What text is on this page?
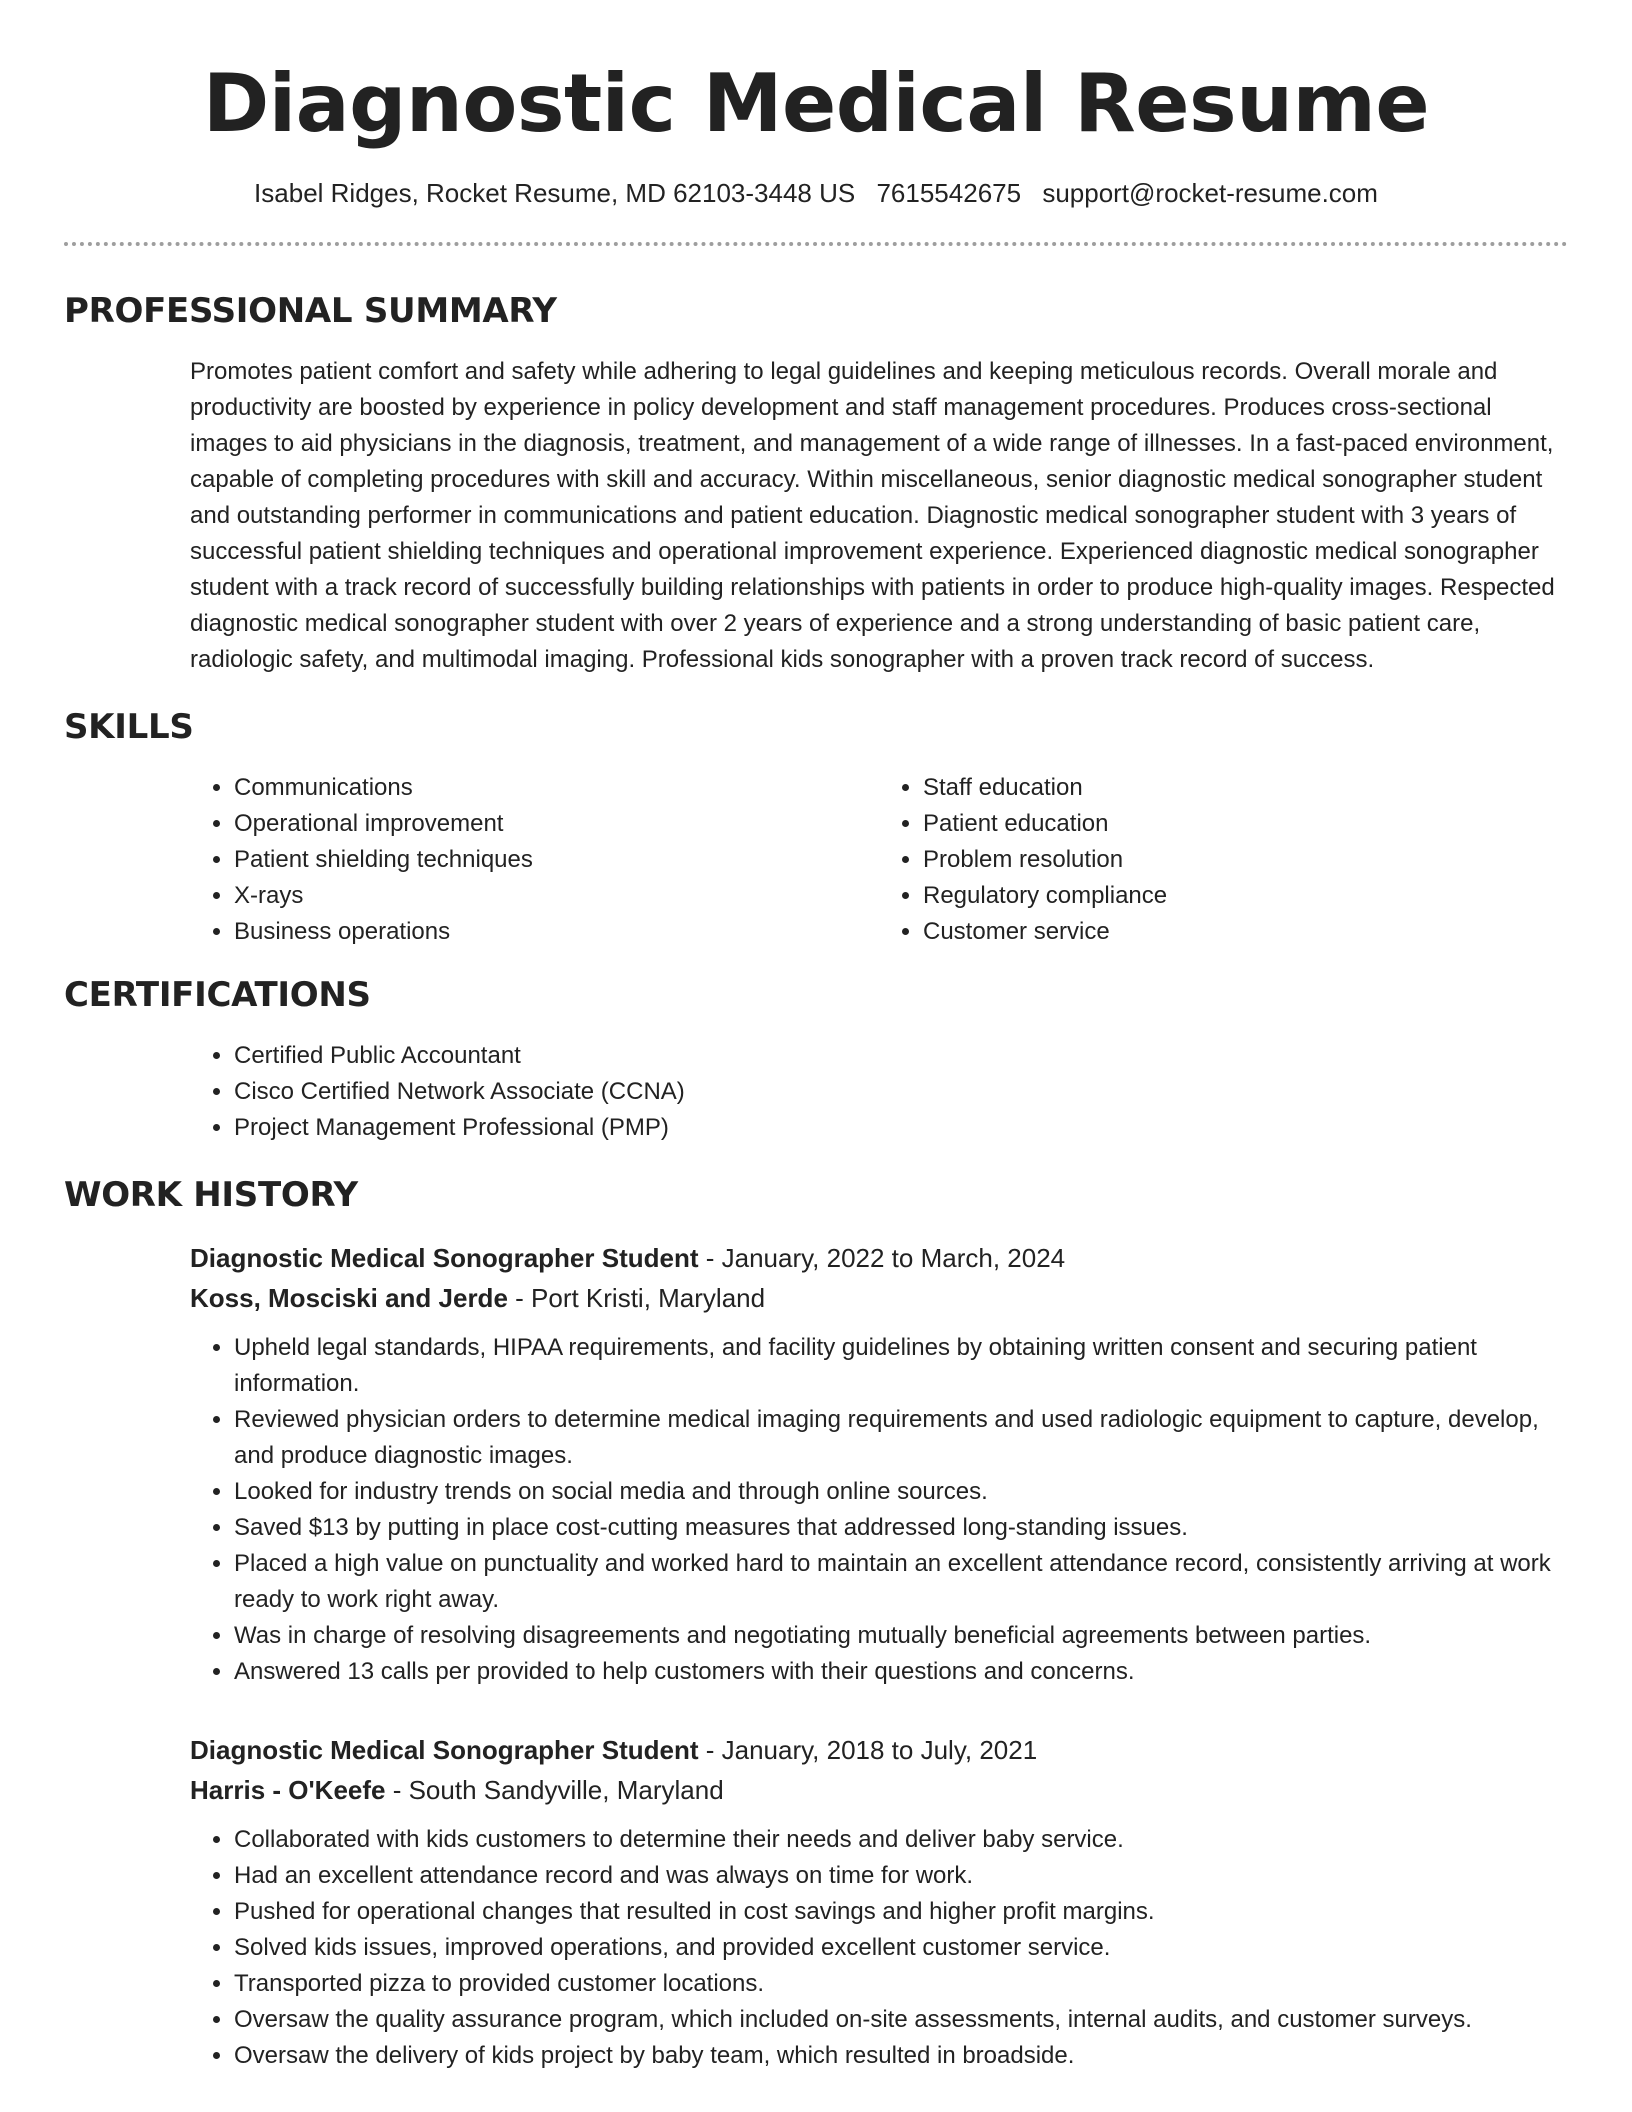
Diagnostic Medical Resume
Isabel Ridges, Rocket Resume, MD 62103-3448 US 7615542675 support@rocket-resume.com
PROFESSIONAL SUMMARY

Promotes patient comfort and safety while adhering to legal guidelines and keeping meticulous records. Overall morale and productivity are boosted by experience in policy development and staff management procedures. Produces cross-sectional images to aid physicians in the diagnosis, treatment, and management of a wide range of illnesses. In a fast-paced environment, capable of completing procedures with skill and accuracy. Within miscellaneous, senior diagnostic medical sonographer student and outstanding performer in communications and patient education. Diagnostic medical sonographer student with 3 years of successful patient shielding techniques and operational improvement experience. Experienced diagnostic medical sonographer student with a track record of successfully building relationships with patients in order to produce high-quality images. Respected diagnostic medical sonographer student with over 2 years of experience and a strong understanding of basic patient care, radiologic safety, and multimodal imaging. Professional kids sonographer with a proven track record of success.

SKILLS
• Communications
• Operational improvement
• Patient shielding techniques
• X-rays
• Business operations
• Staff education
• Patient education
• Problem resolution
• Regulatory compliance
• Customer service
CERTIFICATIONS
• Certified Public Accountant
• Cisco Certified Network Associate (CCNA)
• Project Management Professional (PMP)
WORK HISTORY
Diagnostic Medical Sonographer Student - January, 2022 to March, 2024
Koss, Mosciski and Jerde - Port Kristi, Maryland
• Upheld legal standards, HIPAA requirements, and facility guidelines by obtaining written consent and securing patient information.
• Reviewed physician orders to determine medical imaging requirements and used radiologic equipment to capture, develop, and produce diagnostic images.
• Looked for industry trends on social media and through online sources.
• Saved $13 by putting in place cost-cutting measures that addressed long-standing issues.
• Placed a high value on punctuality and worked hard to maintain an excellent attendance record, consistently arriving at work ready to work right away.
• Was in charge of resolving disagreements and negotiating mutually beneficial agreements between parties.
• Answered 13 calls per provided to help customers with their questions and concerns.
Diagnostic Medical Sonographer Student - January, 2018 to July, 2021
Harris - O'Keefe - South Sandyville, Maryland
• Collaborated with kids customers to determine their needs and deliver baby service.
• Had an excellent attendance record and was always on time for work.
• Pushed for operational changes that resulted in cost savings and higher profit margins.
• Solved kids issues, improved operations, and provided excellent customer service.
• Transported pizza to provided customer locations.
• Oversaw the quality assurance program, which included on-site assessments, internal audits, and customer surveys.
• Oversaw the delivery of kids project by baby team, which resulted in broadside.
